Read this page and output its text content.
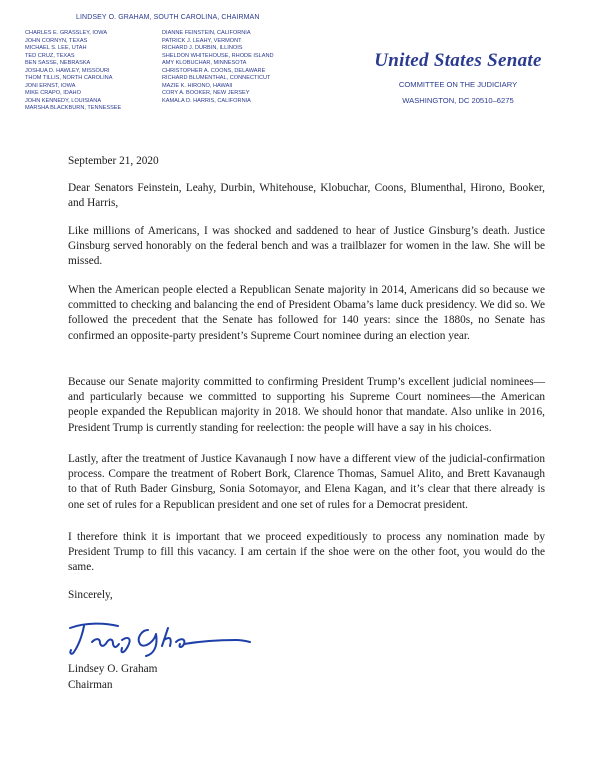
LINDSEY O. GRAHAM, SOUTH CAROLINA, CHAIRMAN
CHARLES E. GRASSLEY, IOWA
JOHN CORNYN, TEXAS
MICHAEL S. LEE, UTAH
TED CRUZ, TEXAS
BEN SASSE, NEBRASKA
JOSHUA D. HAWLEY, MISSOURI
THOM TILLIS, NORTH CAROLINA
JONI ERNST, IOWA
MIKE CRAPO, IDAHO
JOHN KENNEDY, LOUISIANA
MARSHA BLACKBURN, TENNESSEE
DIANNE FEINSTEIN, CALIFORNIA
PATRICK J. LEAHY, VERMONT
RICHARD J. DURBIN, ILLINOIS
SHELDON WHITEHOUSE, RHODE ISLAND
AMY KLOBUCHAR, MINNESOTA
CHRISTOPHER A. COONS, DELAWARE
RICHARD BLUMENTHAL, CONNECTICUT
MAZIE K. HIRONO, HAWAII
CORY A. BOOKER, NEW JERSEY
KAMALA D. HARRIS, CALIFORNIA
United States Senate
COMMITTEE ON THE JUDICIARY
WASHINGTON, DC 20510–6275

September 21, 2020

Dear Senators Feinstein, Leahy, Durbin, Whitehouse, Klobuchar, Coons, Blumenthal, Hirono, Booker, and Harris,

Like millions of Americans, I was shocked and saddened to hear of Justice Ginsburg’s death. Justice Ginsburg served honorably on the federal bench and was a trailblazer for women in the law. She will be missed.

When the American people elected a Republican Senate majority in 2014, Americans did so because we committed to checking and balancing the end of President Obama’s lame duck presidency. We did so. We followed the precedent that the Senate has followed for 140 years: since the 1880s, no Senate has confirmed an opposite-party president’s Supreme Court nominee during an election year.

Because our Senate majority committed to confirming President Trump’s excellent judicial nominees—and particularly because we committed to supporting his Supreme Court nominees—the American people expanded the Republican majority in 2018. We should honor that mandate. Also unlike in 2016, President Trump is currently standing for reelection: the people will have a say in his choices.

Lastly, after the treatment of Justice Kavanaugh I now have a different view of the judicial-confirmation process. Compare the treatment of Robert Bork, Clarence Thomas, Samuel Alito, and Brett Kavanaugh to that of Ruth Bader Ginsburg, Sonia Sotomayor, and Elena Kagan, and it’s clear that there already is one set of rules for a Republican president and one set of rules for a Democrat president.

I therefore think it is important that we proceed expeditiously to process any nomination made by President Trump to fill this vacancy. I am certain if the shoe were on the other foot, you would do the same.

Sincerely,

Lindsey O. Graham
Chairman
